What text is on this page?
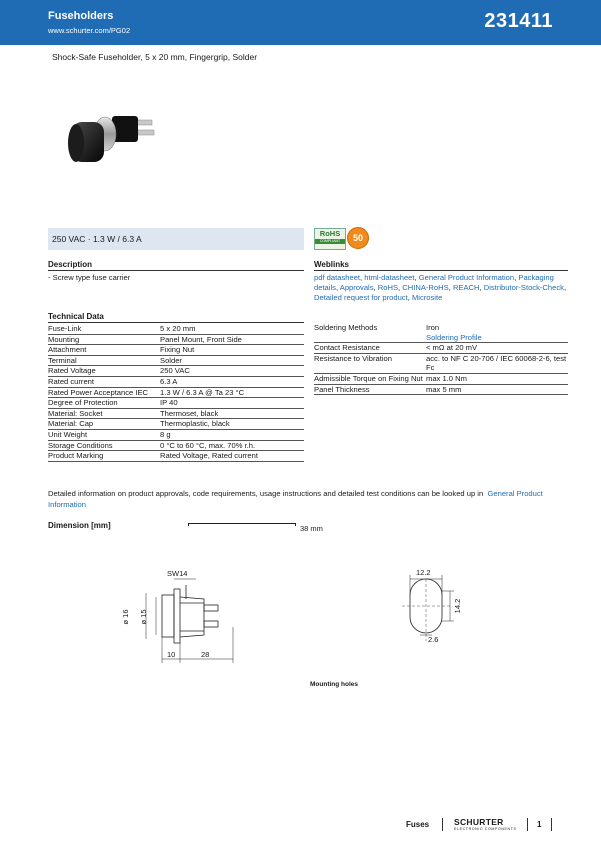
Fuseholders
www.schurter.com/PG02	231411
Shock-Safe Fuseholder, 5 x 20 mm, Fingergrip, Solder
250 VAC · 1.3 W / 6.3 A
RoHS
COMPLIANT	50
Description
- Screw type fuse carrier
Weblinks
pdf datasheet, html-datasheet, General Product Information, Packaging details, Approvals, RoHS, CHINA-RoHS, REACH, Distributor-Stock-Check, Detailed request for product, Microsite
Technical Data
Fuse-Link	5 x 20 mm
Mounting	Panel Mount, Front Side
Attachment	Fixing Nut
Terminal	Solder
Rated Voltage	250 VAC
Rated current	6.3 A
Rated Power Acceptance IEC	1.3 W / 6.3 A @ Ta 23 °C
Degree of Protection	IP 40
Material: Socket	Thermoset, black
Material: Cap	Thermoplastic, black
Unit Weight	8 g
Storage Conditions	0 °C to 60 °C, max. 70% r.h.
Product Marking	Rated Voltage, Rated current
Soldering Methods	Iron
Soldering Profile

Contact Resistance	< mΩ at 20 mV
Resistance to Vibration	acc. to NF C 20-706 / IEC 60068-2-6, test Fc
Admissible Torque on Fixing Nut	max 1.0 Nm
Panel Thickness	max 5 mm
Detailed information on product approvals, code requirements, usage instructions and detailed test conditions can be looked up in General Product Information
Dimension [mm]	38 mm
SW14
ø 16 ø 15
10	28
12.2
14.2
2.6
Mounting holes
Fuses	SCHURTER
ELECTRONIC COMPONENTS	1
